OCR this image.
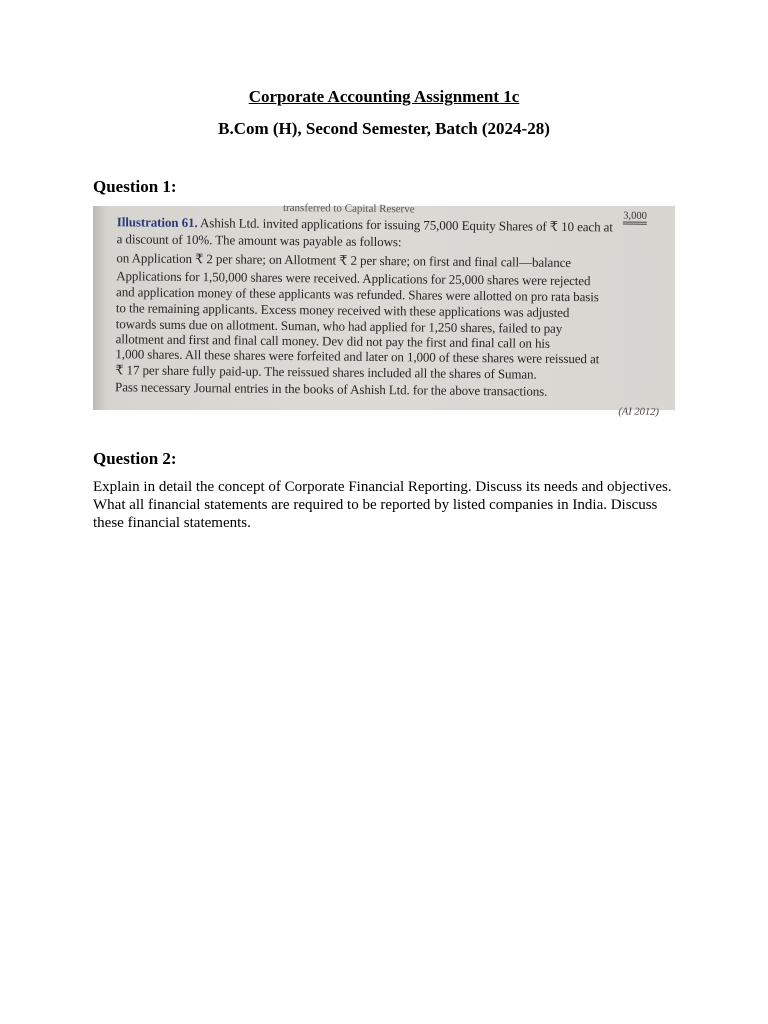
Corporate Accounting Assignment 1c
B.Com (H), Second Semester, Batch (2024-28)
Question 1:
transferred to Capital Reserve
3,000
Illustration 61. Ashish Ltd. invited applications for issuing 75,000 Equity Shares of ₹ 10 each at
a discount of 10%. The amount was payable as follows:
on Application ₹ 2 per share; on Allotment ₹ 2 per share; on first and final call—balance
Applications for 1,50,000 shares were received. Applications for 25,000 shares were rejected
and application money of these applicants was refunded. Shares were allotted on pro rata basis
to the remaining applicants. Excess money received with these applications was adjusted
towards sums due on allotment. Suman, who had applied for 1,250 shares, failed to pay
allotment and first and final call money. Dev did not pay the first and final call on his
1,000 shares. All these shares were forfeited and later on 1,000 of these shares were reissued at
₹ 17 per share fully paid-up. The reissued shares included all the shares of Suman.
Pass necessary Journal entries in the books of Ashish Ltd. for the above transactions.
(AI 2012)
Question 2:
Explain in detail the concept of Corporate Financial Reporting. Discuss its needs and objectives. What all financial statements are required to be reported by listed companies in India. Discuss these financial statements.
